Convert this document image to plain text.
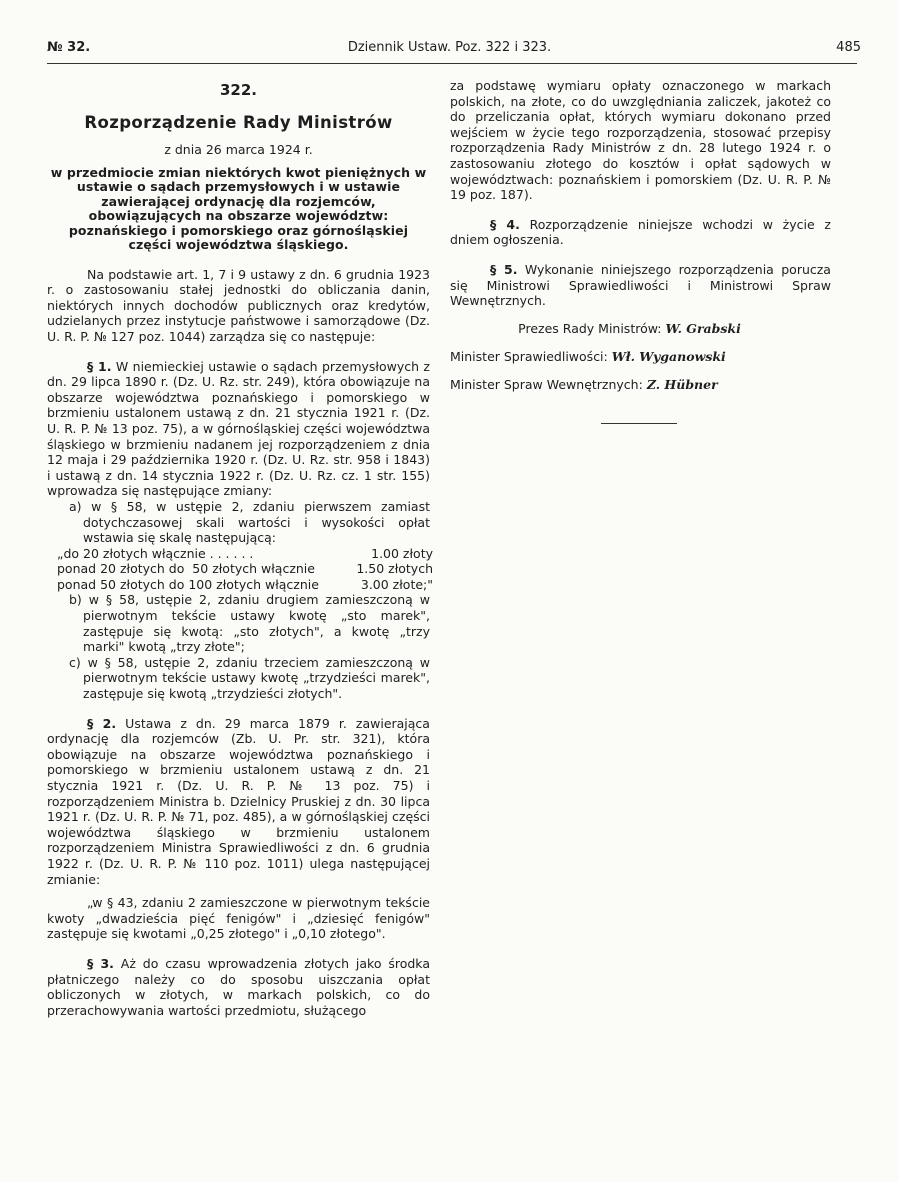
№ 32.	Dziennik Ustaw. Poz. 322 i 323.	485

322.

Rozporządzenie Rady Ministrów

z dnia 26 marca 1924 r.

w przedmiocie zmian niektórych kwot pieniężnych w ustawie o sądach przemysłowych i w ustawie zawierającej ordynację dla rozjemców, obowiązujących na obszarze województw: poznańskiego i pomorskiego oraz górnośląskiej części województwa śląskiego.

Na podstawie art. 1, 7 i 9 ustawy z dn. 6 grudnia 1923 r. o zastosowaniu stałej jednostki do obliczania danin, niektórych innych dochodów publicznych oraz kredytów, udzielanych przez instytucje państwowe i samorządowe (Dz. U. R. P. № 127 poz. 1044) zarządza się co następuje:

§ 1. W niemieckiej ustawie o sądach przemysłowych z dn. 29 lipca 1890 r. (Dz. U. Rz. str. 249), która obowiązuje na obszarze województwa poznańskiego i pomorskiego w brzmieniu ustalonem ustawą z dn. 21 stycznia 1921 r. (Dz. U. R. P. № 13 poz. 75), a w górnośląskiej części województwa śląskiego w brzmieniu nadanem jej rozporządzeniem z dnia 12 maja i 29 października 1920 r. (Dz. U. Rz. str. 958 i 1843) i ustawą z dn. 14 stycznia 1922 r. (Dz. U. Rz. cz. 1 str. 155) wprowadza się następujące zmiany:

a) w § 58, w ustępie 2, zdaniu pierwszem zamiast dotychczasowej skali wartości i wysokości opłat wstawia się skalę następującą:

„do 20 złotych włącznie . . . . . .	1.00 złoty
ponad 20 złotych do  50 złotych włącznie	1.50 złotych
ponad 50 złotych do 100 złotych włącznie	3.00 złote;"

b) w § 58, ustępie 2, zdaniu drugiem zamieszczoną w pierwotnym tekście ustawy kwotę „sto marek", zastępuje się kwotą: „sto złotych", a kwotę „trzy marki" kwotą „trzy złote";

c) w § 58, ustępie 2, zdaniu trzeciem zamieszczoną w pierwotnym tekście ustawy kwotę „trzydzieści marek", zastępuje się kwotą „trzydzieści złotych".

§ 2. Ustawa z dn. 29 marca 1879 r. zawierająca ordynację dla rozjemców (Zb. U. Pr. str. 321), która obowiązuje na obszarze województwa poznańskiego i pomorskiego w brzmieniu ustalonem ustawą z dn. 21 stycznia 1921 r. (Dz. U. R. P. № 13 poz. 75) i rozporządzeniem Ministra b. Dzielnicy Pruskiej z dn. 30 lipca 1921 r. (Dz. U. R. P. № 71, poz. 485), a w górnośląskiej części województwa śląskiego w brzmieniu ustalonem rozporządzeniem Ministra Sprawiedliwości z dn. 6 grudnia 1922 r. (Dz. U. R. P. № 110 poz. 1011) ulega następującej zmianie:

„w § 43, zdaniu 2 zamieszczone w pierwotnym tekście kwoty „dwadzieścia pięć fenigów" i „dziesięć fenigów" zastępuje się kwotami „0,25 złotego" i „0,10 złotego".

§ 3. Aż do czasu wprowadzenia złotych jako środka płatniczego należy co do sposobu uiszczania opłat obliczonych w złotych, w markach polskich, co do przerachowywania wartości przedmiotu, służącego

za podstawę wymiaru opłaty oznaczonego w markach polskich, na złote, co do uwzględniania zaliczek, jakoteż co do przeliczania opłat, których wymiaru dokonano przed wejściem w życie tego rozporządzenia, stosować przepisy rozporządzenia Rady Ministrów z dn. 28 lutego 1924 r. o zastosowaniu złotego do kosztów i opłat sądowych w województwach: poznańskiem i pomorskiem (Dz. U. R. P. № 19 poz. 187).

§ 4. Rozporządzenie niniejsze wchodzi w życie z dniem ogłoszenia.

§ 5. Wykonanie niniejszego rozporządzenia porucza się Ministrowi Sprawiedliwości i Ministrowi Spraw Wewnętrznych.

Prezes Rady Ministrów: W. Grabski

Minister Sprawiedliwości: Wł. Wyganowski

Minister Spraw Wewnętrznych: Z. Hübner
